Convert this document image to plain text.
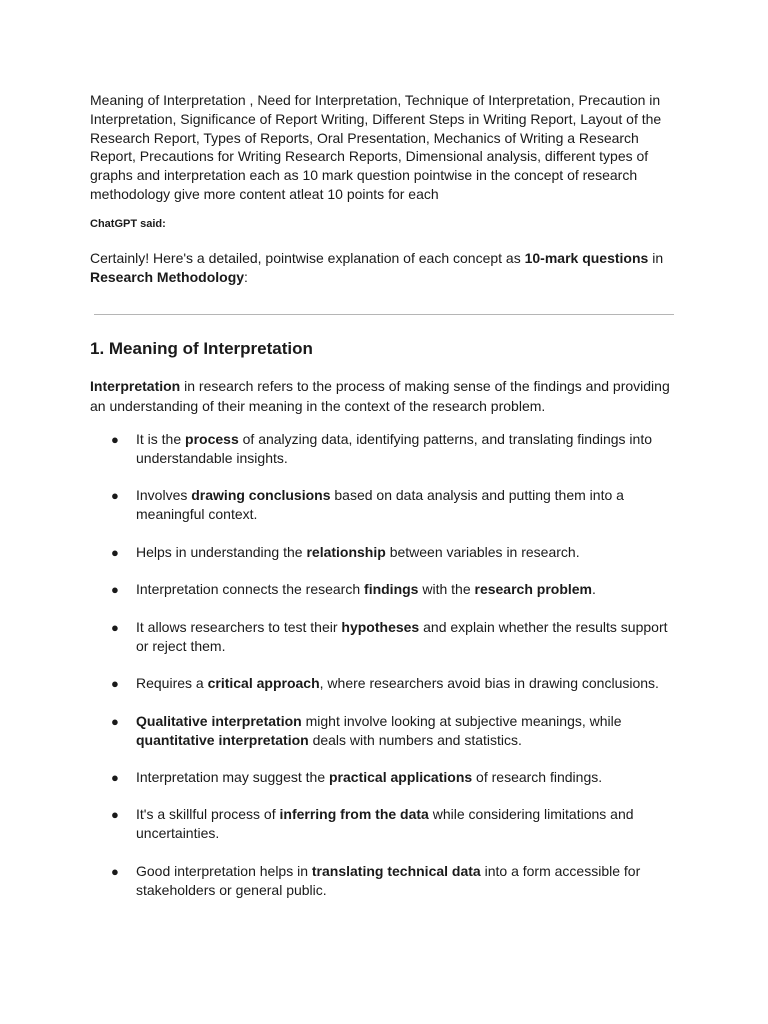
Meaning of Interpretation , Need for Interpretation, Technique of Interpretation, Precaution in Interpretation, Significance of Report Writing, Different Steps in Writing Report, Layout of the Research Report, Types of Reports, Oral Presentation, Mechanics of Writing a Research Report, Precautions for Writing Research Reports, Dimensional analysis, different types of graphs and interpretation each as 10 mark question pointwise in the concept of research methodology give more content atleat 10 points for each

ChatGPT said:

Certainly! Here's a detailed, pointwise explanation of each concept as 10-mark questions in Research Methodology:

1. Meaning of Interpretation

Interpretation in research refers to the process of making sense of the findings and providing an understanding of their meaning in the context of the research problem.

● It is the process of analyzing data, identifying patterns, and translating findings into understandable insights.

● Involves drawing conclusions based on data analysis and putting them into a meaningful context.

● Helps in understanding the relationship between variables in research.

● Interpretation connects the research findings with the research problem.

● It allows researchers to test their hypotheses and explain whether the results support or reject them.

● Requires a critical approach, where researchers avoid bias in drawing conclusions.

● Qualitative interpretation might involve looking at subjective meanings, while quantitative interpretation deals with numbers and statistics.

● Interpretation may suggest the practical applications of research findings.

● It's a skillful process of inferring from the data while considering limitations and uncertainties.

● Good interpretation helps in translating technical data into a form accessible for stakeholders or general public.
